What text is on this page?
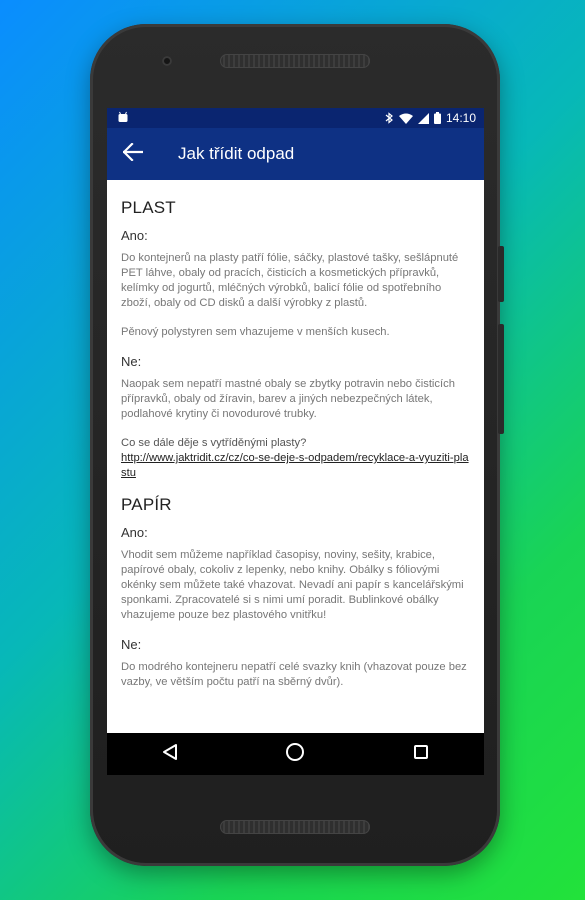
14:10
Jak třídit odpad
PLAST
Ano:

Do kontejnerů na plasty patří fólie, sáčky, plastové tašky, sešlápnuté PET láhve, obaly od pracích, čisticích a kosmetických přípravků, kelímky od jogurtů, mléčných výrobků, balicí fólie od spotřebního zboží, obaly od CD disků a další výrobky z plastů.

Pěnový polystyren sem vhazujeme v menších kusech.

Ne:

Naopak sem nepatří mastné obaly se zbytky potravin nebo čisticích přípravků, obaly od žíravin, barev a jiných nebezpečných látek, podlahové krytiny či novodurové trubky.

Co se dále děje s vytříděnými plasty?
http://www.jaktridit.cz/cz/co-se-deje-s-odpadem/recyklace-a-vyuziti-plastu
PAPÍR
Ano:

Vhodit sem můžeme například časopisy, noviny, sešity, krabice, papírové obaly, cokoliv z lepenky, nebo knihy. Obálky s fóliovými okénky sem můžete také vhazovat. Nevadí ani papír s kancelářskými sponkami. Zpracovatelé si s nimi umí poradit. Bublinkové obálky vhazujeme pouze bez plastového vnitřku!

Ne:

Do modrého kontejneru nepatří celé svazky knih (vhazovat pouze bez vazby, ve větším počtu patří na sběrný dvůr).
